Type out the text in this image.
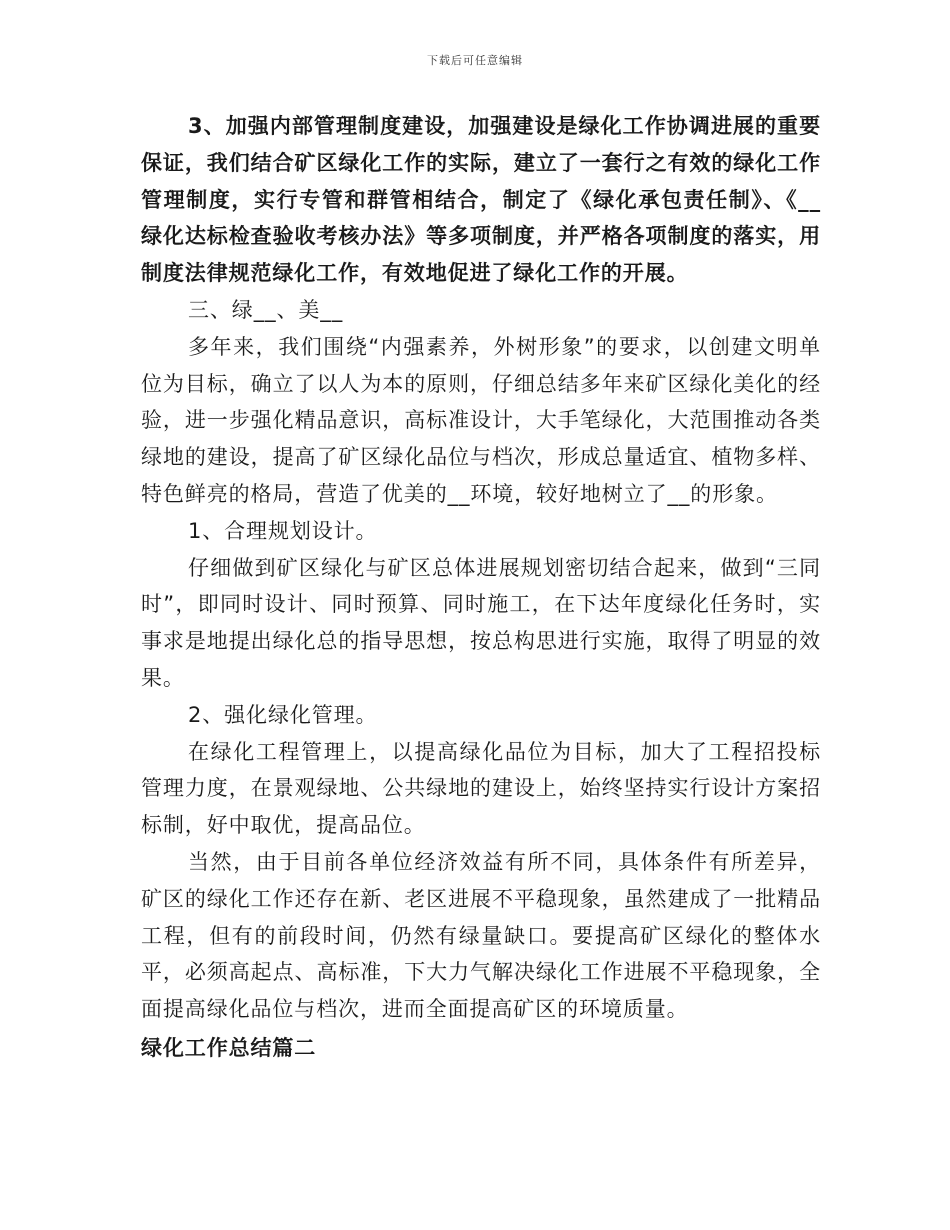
下载后可任意编辑

3、加强内部管理制度建设，加强建设是绿化工作协调进展的重要保证，我们结合矿区绿化工作的实际，建立了一套行之有效的绿化工作管理制度，实行专管和群管相结合，制定了《绿化承包责任制》、《__绿化达标检查验收考核办法》等多项制度，并严格各项制度的落实，用制度法律规范绿化工作，有效地促进了绿化工作的开展。

三、绿__、美__

多年来，我们围绕“内强素养，外树形象”的要求，以创建文明单位为目标，确立了以人为本的原则，仔细总结多年来矿区绿化美化的经验，进一步强化精品意识，高标准设计，大手笔绿化，大范围推动各类绿地的建设，提高了矿区绿化品位与档次，形成总量适宜、植物多样、特色鲜亮的格局，营造了优美的__环境，较好地树立了__的形象。

1、合理规划设计。

仔细做到矿区绿化与矿区总体进展规划密切结合起来，做到“三同时”，即同时设计、同时预算、同时施工，在下达年度绿化任务时，实事求是地提出绿化总的指导思想，按总构思进行实施，取得了明显的效果。

2、强化绿化管理。

在绿化工程管理上，以提高绿化品位为目标，加大了工程招投标管理力度，在景观绿地、公共绿地的建设上，始终坚持实行设计方案招标制，好中取优，提高品位。

当然，由于目前各单位经济效益有所不同，具体条件有所差异，矿区的绿化工作还存在新、老区进展不平稳现象，虽然建成了一批精品工程，但有的前段时间，仍然有绿量缺口。要提高矿区绿化的整体水平，必须高起点、高标准，下大力气解决绿化工作进展不平稳现象，全面提高绿化品位与档次，进而全面提高矿区的环境质量。

绿化工作总结篇二
